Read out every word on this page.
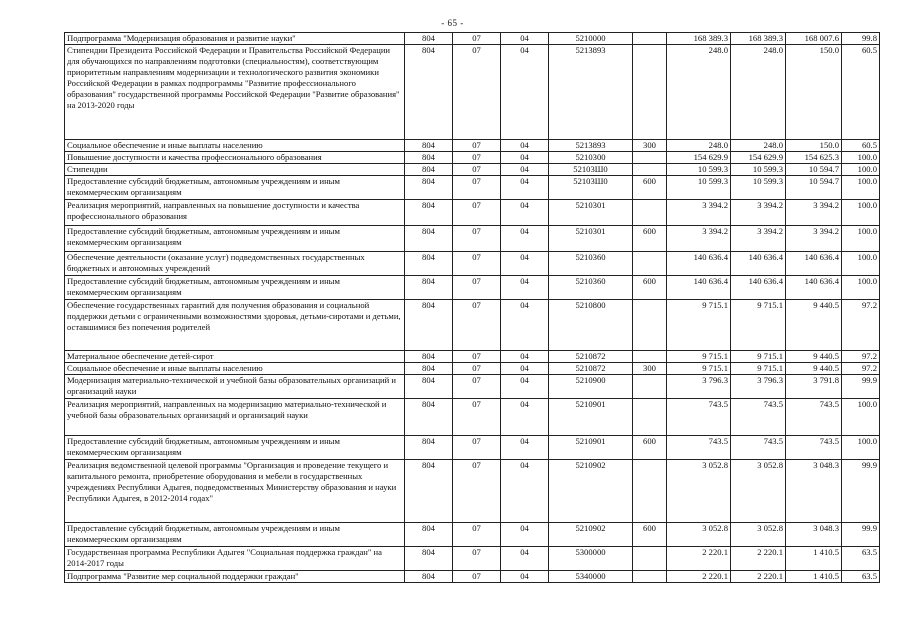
- 65 -
Подпрограмма "Модернизация образования и развитие науки"	804	07	04	5210000		168 389.3	168 389.3	168 007.6	99.8
Стипендии Президента Российской Федерации и Правительства Российской Федерации для обучающихся по направлениям подготовки (специальностям), соответствующим приоритетным направлениям модернизации и технологического развития экономики Российской Федерации в рамках подпрограммы "Развитие профессионального образования" государственной программы Российской Федерации "Развитие образования" на 2013-2020 годы	804	07	04	5213893		248.0	248.0	150.0	60.5
Социальное обеспечение и иные выплаты населению	804	07	04	5213893	300	248.0	248.0	150.0	60.5
Повышение доступности и качества профессионального образования	804	07	04	5210300		154 629.9	154 629.9	154 625.3	100.0
Стипендии	804	07	04	52103Ш0		10 599.3	10 599.3	10 594.7	100.0
Предоставление субсидий бюджетным, автономным учреждениям и иным некоммерческим организациям	804	07	04	52103Ш0	600	10 599.3	10 599.3	10 594.7	100.0
Реализация мероприятий, направленных на повышение доступности и качества профессионального образования	804	07	04	5210301		3 394.2	3 394.2	3 394.2	100.0
Предоставление субсидий бюджетным, автономным учреждениям и иным некоммерческим организациям	804	07	04	5210301	600	3 394.2	3 394.2	3 394.2	100.0
Обеспечение деятельности (оказание услуг) подведомственных государственных бюджетных и автономных учреждений	804	07	04	5210360		140 636.4	140 636.4	140 636.4	100.0
Предоставление субсидий бюджетным, автономным учреждениям и иным некоммерческим организациям	804	07	04	5210360	600	140 636.4	140 636.4	140 636.4	100.0
Обеспечение государственных гарантий для получения образования и социальной поддержки детьми с ограниченными возможностями здоровья, детьми-сиротами и детьми, оставшимися без попечения родителей	804	07	04	5210800		9 715.1	9 715.1	9 440.5	97.2
Материальное обеспечение детей-сирот	804	07	04	5210872		9 715.1	9 715.1	9 440.5	97.2
Социальное обеспечение и иные выплаты населению	804	07	04	5210872	300	9 715.1	9 715.1	9 440.5	97.2
Модернизация материально-технической и учебной базы образовательных организаций и организаций науки	804	07	04	5210900		3 796.3	3 796.3	3 791.8	99.9
Реализация мероприятий, направленных на модернизацию материально-технической и учебной базы образовательных организаций и организаций науки	804	07	04	5210901		743.5	743.5	743.5	100.0
Предоставление субсидий бюджетным, автономным учреждениям и иным некоммерческим организациям	804	07	04	5210901	600	743.5	743.5	743.5	100.0
Реализация ведомственной целевой программы "Организация и проведение текущего и капитального ремонта, приобретение оборудования и мебели в государственных учреждениях Республики Адыгея, подведомственных Министерству образования и науки Республики Адыгея, в 2012-2014 годах"	804	07	04	5210902		3 052.8	3 052.8	3 048.3	99.9
Предоставление субсидий бюджетным, автономным учреждениям и иным некоммерческим организациям	804	07	04	5210902	600	3 052.8	3 052.8	3 048.3	99.9
Государственная программа Республики Адыгея "Социальная поддержка граждан" на 2014-2017 годы	804	07	04	5300000		2 220.1	2 220.1	1 410.5	63.5
Подпрограмма "Развитие мер социальной поддержки граждан"	804	07	04	5340000		2 220.1	2 220.1	1 410.5	63.5
